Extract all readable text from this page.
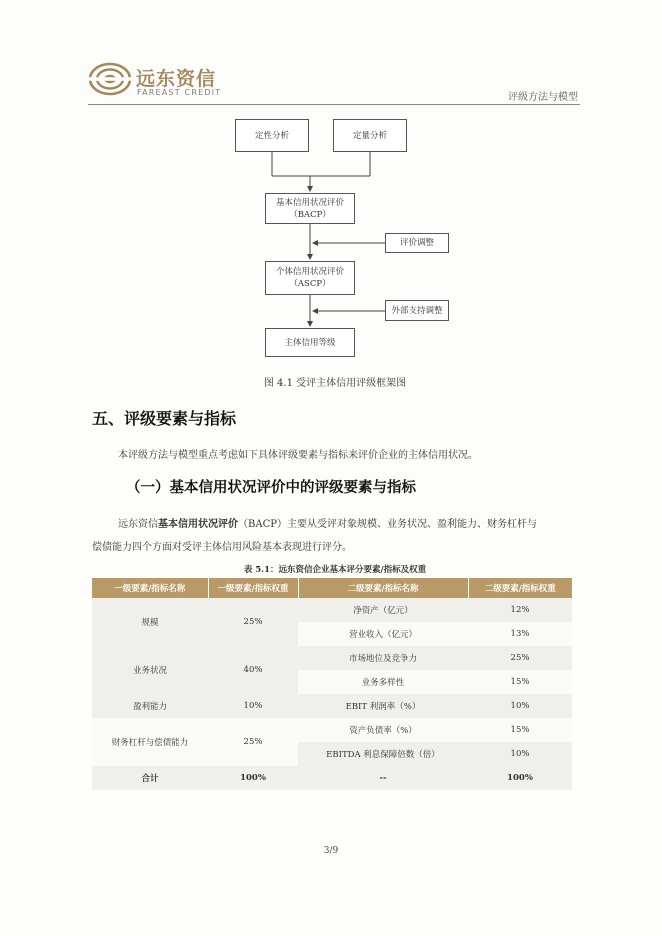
远东资信
FAREAST CREDIT	评级方法与模型
定性分析	定量分析
基本信用状况评价
（BACP）
评价调整
个体信用状况评价
（ASCP）
外部支持调整
主体信用等级
图 4.1 受评主体信用评级框架图
五、评级要素与指标
本评级方法与模型重点考虑如下具体评级要素与指标来评价企业的主体信用状况。
（一）基本信用状况评价中的评级要素与指标
远东资信基本信用状况评价（BACP）主要从受评对象规模、业务状况、盈利能力、财务杠杆与
偿债能力四个方面对受评主体信用风险基本表现进行评分。
表 5.1：远东资信企业基本评分要素/指标及权重
一级要素/指标名称	一级要素/指标权重	二级要素/指标名称	二级要素/指标权重
规模	25%	净资产（亿元）	12%
		营业收入（亿元）	13%
业务状况	40%	市场地位及竞争力	25%
		业务多样性	15%
盈利能力	10%	EBIT 利润率（%）	10%
财务杠杆与偿债能力	25%	资产负债率（%）	15%
		EBITDA 利息保障倍数（倍）	10%
合计	100%	--	100%
3/9
